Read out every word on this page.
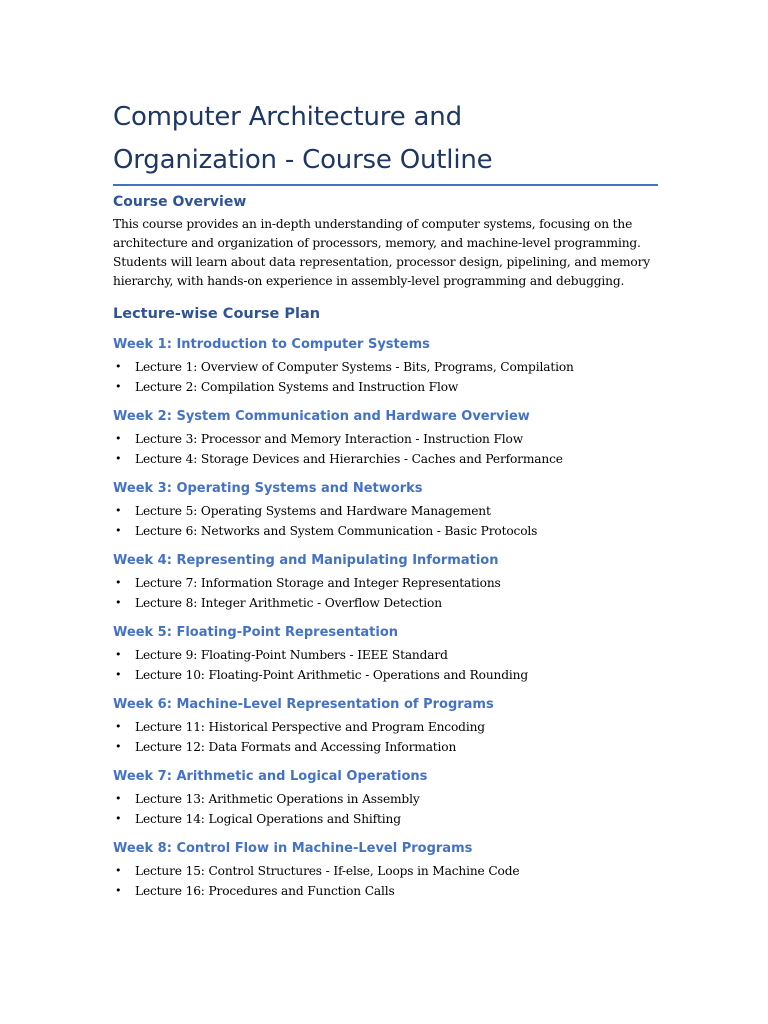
Computer Architecture and
Organization - Course Outline
Course Overview

This course provides an in-depth understanding of computer systems, focusing on the
architecture and organization of processors, memory, and machine-level programming.
Students will learn about data representation, processor design, pipelining, and memory
hierarchy, with hands-on experience in assembly-level programming and debugging.

Lecture-wise Course Plan
Week 1: Introduction to Computer Systems
• Lecture 1: Overview of Computer Systems - Bits, Programs, Compilation
• Lecture 2: Compilation Systems and Instruction Flow
Week 2: System Communication and Hardware Overview
• Lecture 3: Processor and Memory Interaction - Instruction Flow
• Lecture 4: Storage Devices and Hierarchies - Caches and Performance
Week 3: Operating Systems and Networks
• Lecture 5: Operating Systems and Hardware Management
• Lecture 6: Networks and System Communication - Basic Protocols
Week 4: Representing and Manipulating Information
• Lecture 7: Information Storage and Integer Representations
• Lecture 8: Integer Arithmetic - Overflow Detection
Week 5: Floating-Point Representation
• Lecture 9: Floating-Point Numbers - IEEE Standard
• Lecture 10: Floating-Point Arithmetic - Operations and Rounding
Week 6: Machine-Level Representation of Programs
• Lecture 11: Historical Perspective and Program Encoding
• Lecture 12: Data Formats and Accessing Information
Week 7: Arithmetic and Logical Operations
• Lecture 13: Arithmetic Operations in Assembly
• Lecture 14: Logical Operations and Shifting
Week 8: Control Flow in Machine-Level Programs
• Lecture 15: Control Structures - If-else, Loops in Machine Code
• Lecture 16: Procedures and Function Calls
